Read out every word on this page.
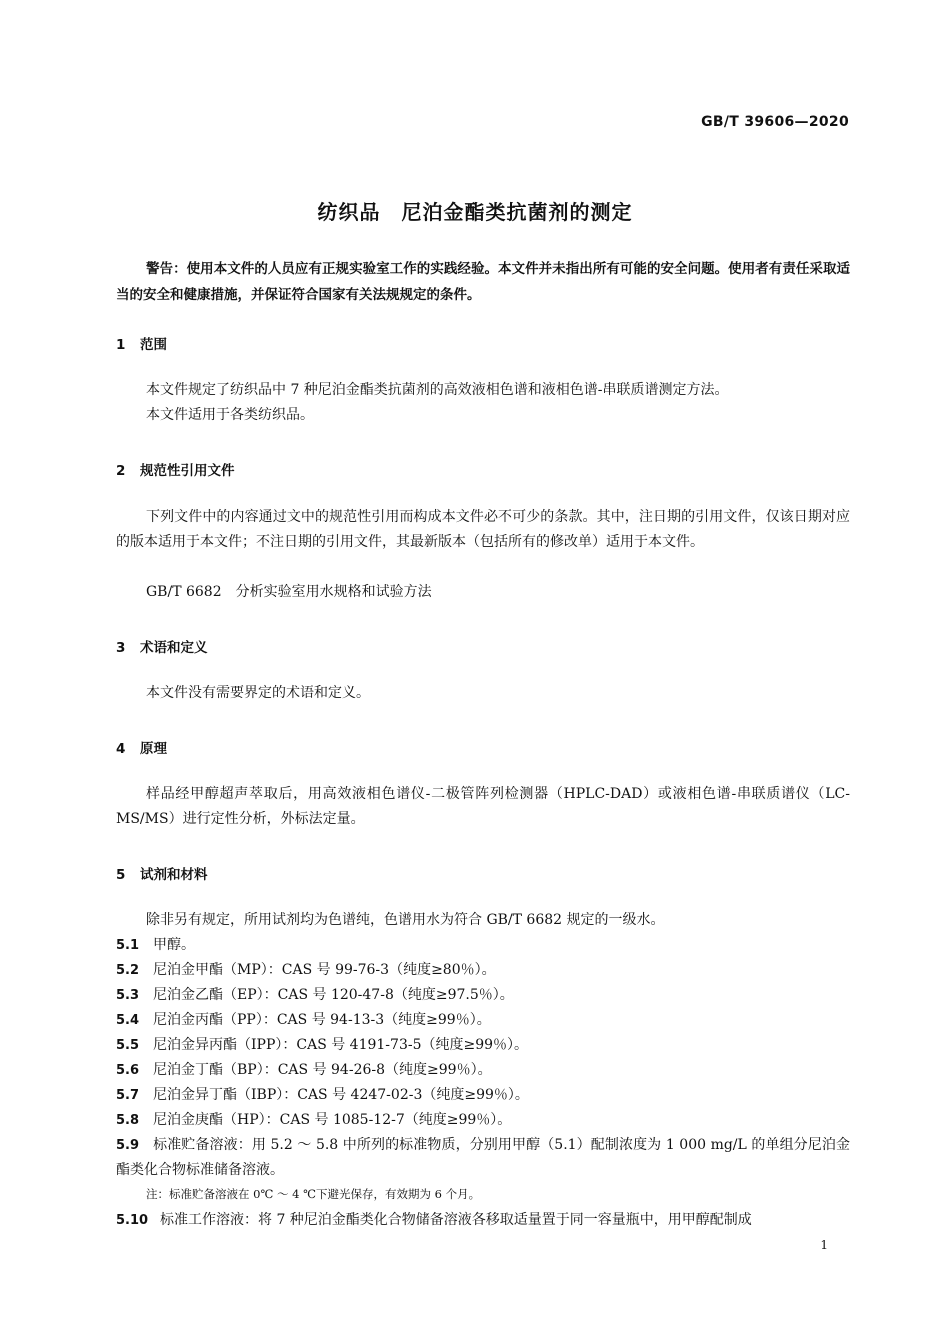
GB/T 39606—2020
纺织品　尼泊金酯类抗菌剂的测定
警告：使用本文件的人员应有正规实验室工作的实践经验。本文件并未指出所有可能的安全问题。使用者有责任采取适当的安全和健康措施，并保证符合国家有关法规规定的条件。
1 范围

本文件规定了纺织品中 7 种尼泊金酯类抗菌剂的高效液相色谱和液相色谱-串联质谱测定方法。

本文件适用于各类纺织品。

2 规范性引用文件

下列文件中的内容通过文中的规范性引用而构成本文件必不可少的条款。其中，注日期的引用文件，仅该日期对应的版本适用于本文件；不注日期的引用文件，其最新版本（包括所有的修改单）适用于本文件。

GB/T 6682　分析实验室用水规格和试验方法

3 术语和定义

本文件没有需要界定的术语和定义。

4 原理

样品经甲醇超声萃取后，用高效液相色谱仪-二极管阵列检测器（HPLC-DAD）或液相色谱-串联质谱仪（LC-MS/MS）进行定性分析，外标法定量。

5 试剂和材料

除非另有规定，所用试剂均为色谱纯，色谱用水为符合 GB/T 6682 规定的一级水。

5.1 甲醇。
5.2 尼泊金甲酯（MP）：CAS 号 99-76-3（纯度≥80％）。
5.3 尼泊金乙酯（EP）：CAS 号 120-47-8（纯度≥97.5％）。
5.4 尼泊金丙酯（PP）：CAS 号 94-13-3（纯度≥99％）。
5.5 尼泊金异丙酯（IPP）：CAS 号 4191-73-5（纯度≥99％）。
5.6 尼泊金丁酯（BP）：CAS 号 94-26-8（纯度≥99％）。
5.7 尼泊金异丁酯（IBP）：CAS 号 4247-02-3（纯度≥99％）。
5.8 尼泊金庚酯（HP）：CAS 号 1085-12-7（纯度≥99％）。
5.9 标准贮备溶液：用 5.2 ～ 5.8 中所列的标准物质，分别用甲醇（5.1）配制浓度为 1 000 mg/L 的单组分尼泊金酯类化合物标准储备溶液。
注：标准贮备溶液在 0℃ ～ 4 ℃下避光保存，有效期为 6 个月。
5.10 标准工作溶液：将 7 种尼泊金酯类化合物储备溶液各移取适量置于同一容量瓶中，用甲醇配制成
1
